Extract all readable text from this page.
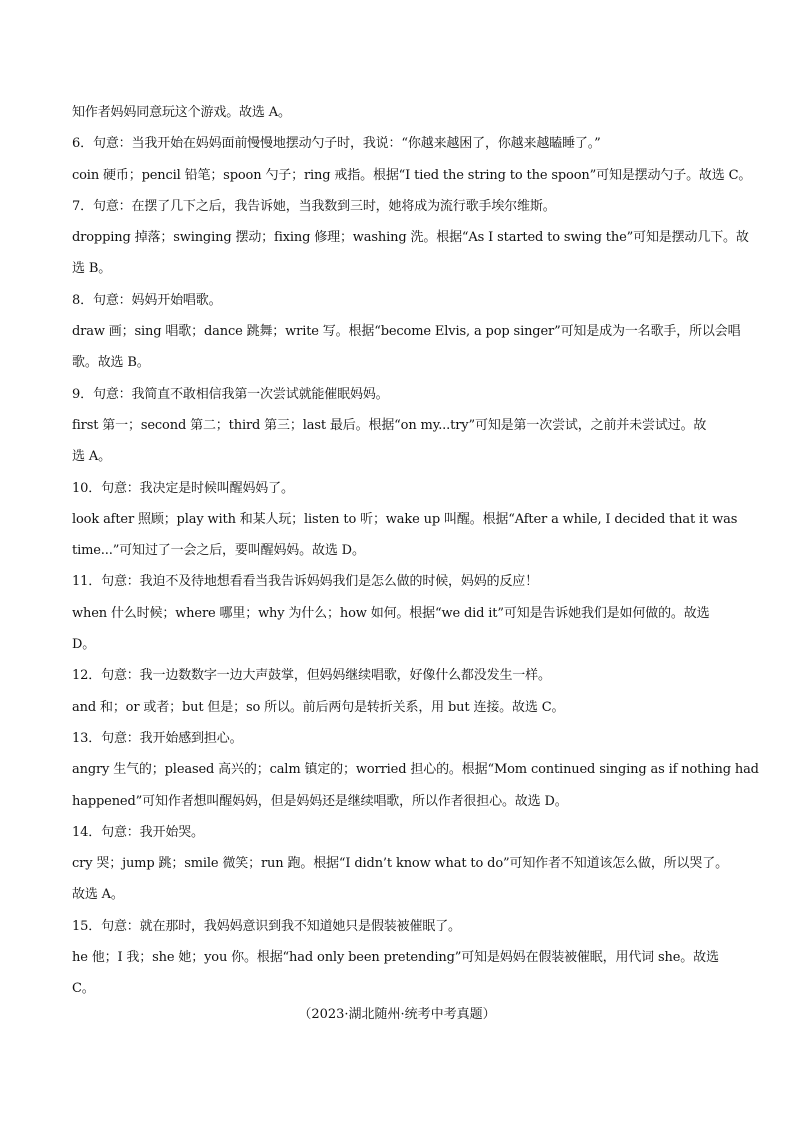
知作者妈妈同意玩这个游戏。故选 A。
6．句意：当我开始在妈妈面前慢慢地摆动勺子时，我说：“你越来越困了，你越来越瞌睡了。”
coin 硬币；pencil 铅笔；spoon 勺子；ring 戒指。根据“I tied the string to the spoon”可知是摆动勺子。故选 C。
7．句意：在摆了几下之后，我告诉她，当我数到三时，她将成为流行歌手埃尔维斯。
dropping 掉落；swinging 摆动；fixing 修理；washing 洗。根据“As I started to swing the”可知是摆动几下。故
选 B。
8．句意：妈妈开始唱歌。
draw 画；sing 唱歌；dance 跳舞；write 写。根据“become Elvis, a pop singer”可知是成为一名歌手，所以会唱
歌。故选 B。
9．句意：我简直不敢相信我第一次尝试就能催眠妈妈。
first 第一；second 第二；third 第三；last 最后。根据“on my...try”可知是第一次尝试，之前并未尝试过。故
选 A。
10．句意：我决定是时候叫醒妈妈了。
look after 照顾；play with 和某人玩；listen to 听；wake up 叫醒。根据“After a while, I decided that it was
time...”可知过了一会之后，要叫醒妈妈。故选 D。
11．句意：我迫不及待地想看看当我告诉妈妈我们是怎么做的时候，妈妈的反应！
when 什么时候；where 哪里；why 为什么；how 如何。根据“we did it”可知是告诉她我们是如何做的。故选
D。
12．句意：我一边数数字一边大声鼓掌，但妈妈继续唱歌，好像什么都没发生一样。
and 和；or 或者；but 但是；so 所以。前后两句是转折关系，用 but 连接。故选 C。
13．句意：我开始感到担心。
angry 生气的；pleased 高兴的；calm 镇定的；worried 担心的。根据“Mom continued singing as if nothing had
happened”可知作者想叫醒妈妈，但是妈妈还是继续唱歌，所以作者很担心。故选 D。
14．句意：我开始哭。
cry 哭；jump 跳；smile 微笑；run 跑。根据“I didn’t know what to do”可知作者不知道该怎么做，所以哭了。
故选 A。
15．句意：就在那时，我妈妈意识到我不知道她只是假装被催眠了。
he 他；I 我；she 她；you 你。根据“had only been pretending”可知是妈妈在假装被催眠，用代词 she。故选
C。
（2023·湖北随州·统考中考真题）
